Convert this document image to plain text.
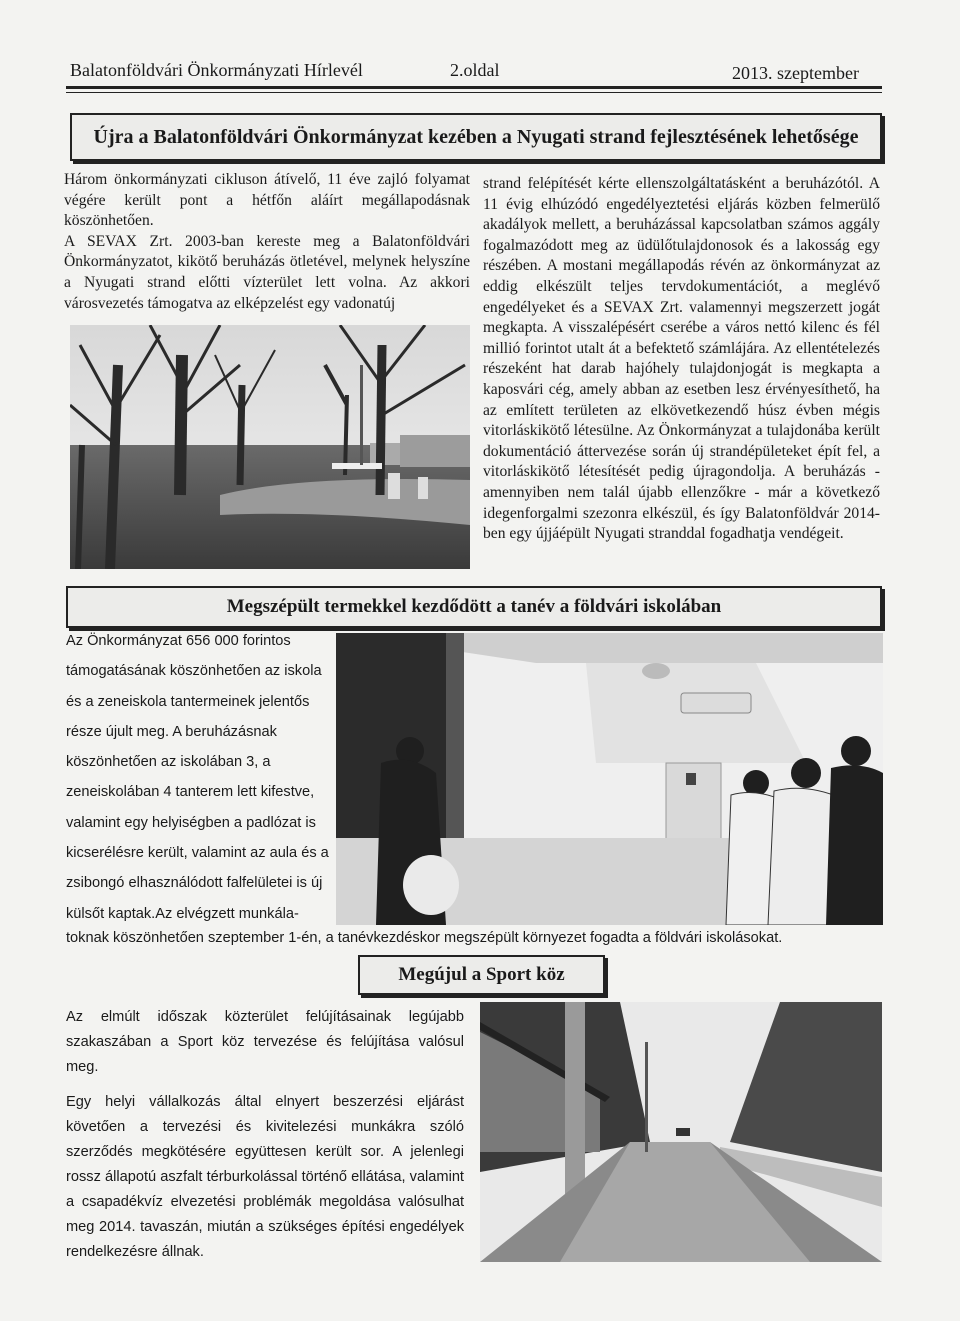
Balatonföldvári Önkormányzati Hírlevél	2.oldal	2013. szeptember
Újra a Balatonföldvári Önkormányzat kezében a Nyugati strand fejlesztésének lehetősége

Három önkormányzati cikluson átívelő, 11 éve zajló folyamat végére került pont a hétfőn aláírt megállapodásnak köszönhetően.

A SEVAX Zrt. 2003-ban kereste meg a Balatonföldvári Önkormányzatot, kikötő beruházás ötletével, melynek helyszíne a Nyugati strand előtti vízterület lett volna. Az akkori városvezetés támogatva az elképzelést egy vadonatúj

strand felépítését kérte ellenszolgáltatásként a beruházótól. A 11 évig elhúzódó engedélyeztetési eljárás közben felmerülő akadályok mellett, a beruházással kapcsolatban számos aggály fogalmazódott meg az üdülőtulajdonosok és a lakosság egy részében. A mostani megállapodás révén az önkormányzat az eddig elkészült teljes tervdokumentációt, a meglévő engedélyeket és a SEVAX Zrt. valamennyi megszerzett jogát megkapta. A visszalépésért cserébe a város nettó kilenc és fél millió forintot utalt át a befektető számlájára. Az ellentételezés részeként hat darab hajóhely tulajdonjogát is megkapta a kaposvári cég, amely abban az esetben lesz érvényesíthető, ha az említett területen az elkövetkezendő húsz évben mégis vitorláskikötő létesülne. Az Önkormányzat a tulajdonába került dokumentáció áttervezése során új strandépületeket épít fel, a vitorláskikötő létesítését pedig újragondolja. A beruházás - amennyiben nem talál újabb ellenzőkre - már a következő idegenforgalmi szezonra elkészül, és így Balatonföldvár 2014-ben egy újjáépült Nyugati stranddal fogadhatja vendégeit.
Megszépült termekkel kezdődött a tanév a földvári iskolában
Az Önkormányzat 656 000 forintos támogatásának köszönhetően az iskola és a zeneiskola tantermeinek jelentős része újult meg. A beruházásnak köszönhetően az iskolában 3, a zeneiskolában 4 tanterem lett kifestve, valamint egy helyiségben a padlózat is kicserélésre került, valamint az aula és a zsibongó elhasználódott falfelületei is új külsőt kaptak.Az elvégzett munkála-
toknak köszönhetően szeptember 1-én, a tanévkezdéskor megszépült környezet fogadta a földvári iskolásokat.
Megújul a Sport köz

Az elmúlt időszak közterület felújításainak legújabb szakaszában a Sport köz tervezése és felújítása valósul meg.

Egy helyi vállalkozás által elnyert beszerzési eljárást követően a tervezési és kivitelezési munkákra szóló szerződés megkötésére együttesen került sor. A jelenlegi rossz állapotú aszfalt térburkolással történő ellátása, valamint a csapadékvíz elvezetési problémák megoldása valósulhat meg 2014. tavaszán, miután a szükséges építési engedélyek rendelkezésre állnak.
